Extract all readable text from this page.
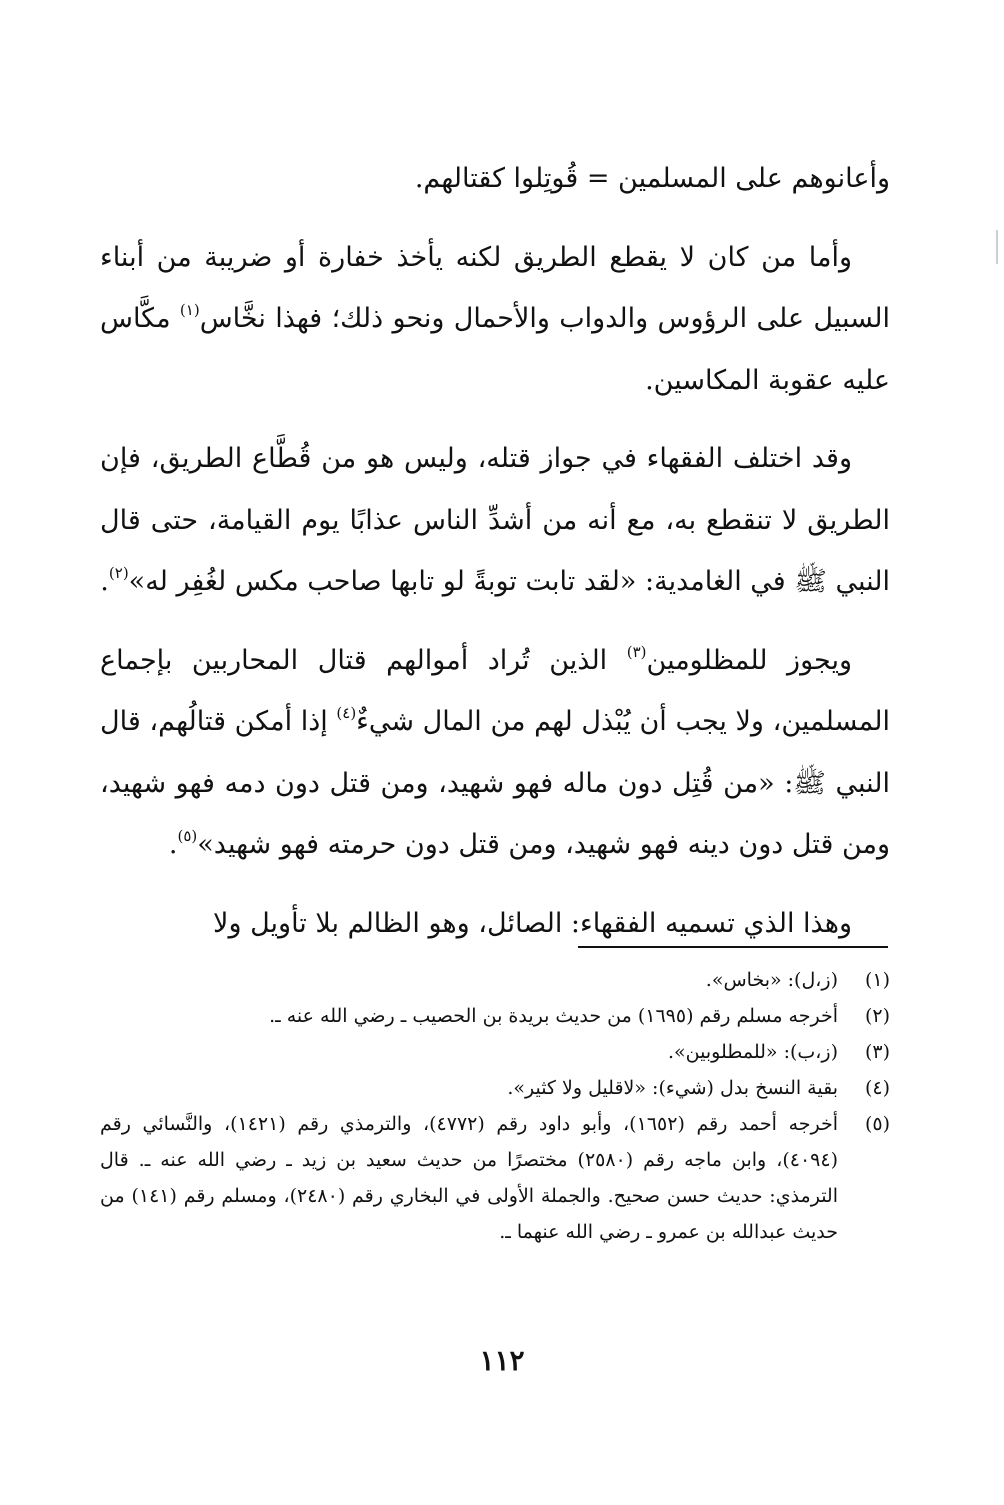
وأعانوهم على المسلمين = قُوتِلوا كقتالهم.

وأما من كان لا يقطع الطريق لكنه يأخذ خفارة أو ضريبة من أبناء السبيل على الرؤوس والدواب والأحمال ونحو ذلك؛ فهذا نخَّاس$^{(١)}$ مكَّاس عليه عقوبة المكاسين.

وقد اختلف الفقهاء في جواز قتله، وليس هو من قُطَّاع الطريق، فإن الطريق لا تنقطع به، مع أنه من أشدِّ الناس عذابًا يوم القيامة، حتى قال النبي ﷺ في الغامدية: «لقد تابت توبةً لو تابها صاحب مكس لغُفِر له»$^{(٢)}$.

ويجوز للمظلومين$^{(٣)}$ الذين تُراد أموالهم قتال المحاربين بإجماع المسلمين، ولا يجب أن يُبْذل لهم من المال شيءٌ$^{(٤)}$ إذا أمكن قتالُهم، قال النبي ﷺ: «من قُتِل دون ماله فهو شهيد، ومن قتل دون دمه فهو شهيد، ومن قتل دون دينه فهو شهيد، ومن قتل دون حرمته فهو شهيد»$^{(٥)}$.

وهذا الذي تسميه الفقهاء: الصائل، وهو الظالم بلا تأويل ولا

(١)
(ز،ل): «بخاس».
(٢)
أخرجه مسلم رقم (١٦٩٥) من حديث بريدة بن الحصيب ـ رضي الله عنه ـ.
(٣)
(ز،ب): «للمطلوبين».
(٤)
بقية النسخ بدل (شيء): «لاقليل ولا كثير».
(٥)
أخرجه أحمد رقم (١٦٥٢)، وأبو داود رقم (٤٧٧٢)، والترمذي رقم (١٤٢١)، والنَّسائي رقم (٤٠٩٤)، وابن ماجه رقم (٢٥٨٠) مختصرًا من حديث سعيد بن زيد ـ رضي الله عنه ـ. قال الترمذي: حديث حسن صحيح. والجملة الأولى في البخاري رقم (٢٤٨٠)، ومسلم رقم (١٤١) من حديث عبدالله بن عمرو ـ رضي الله عنهما ـ.
١١٢
